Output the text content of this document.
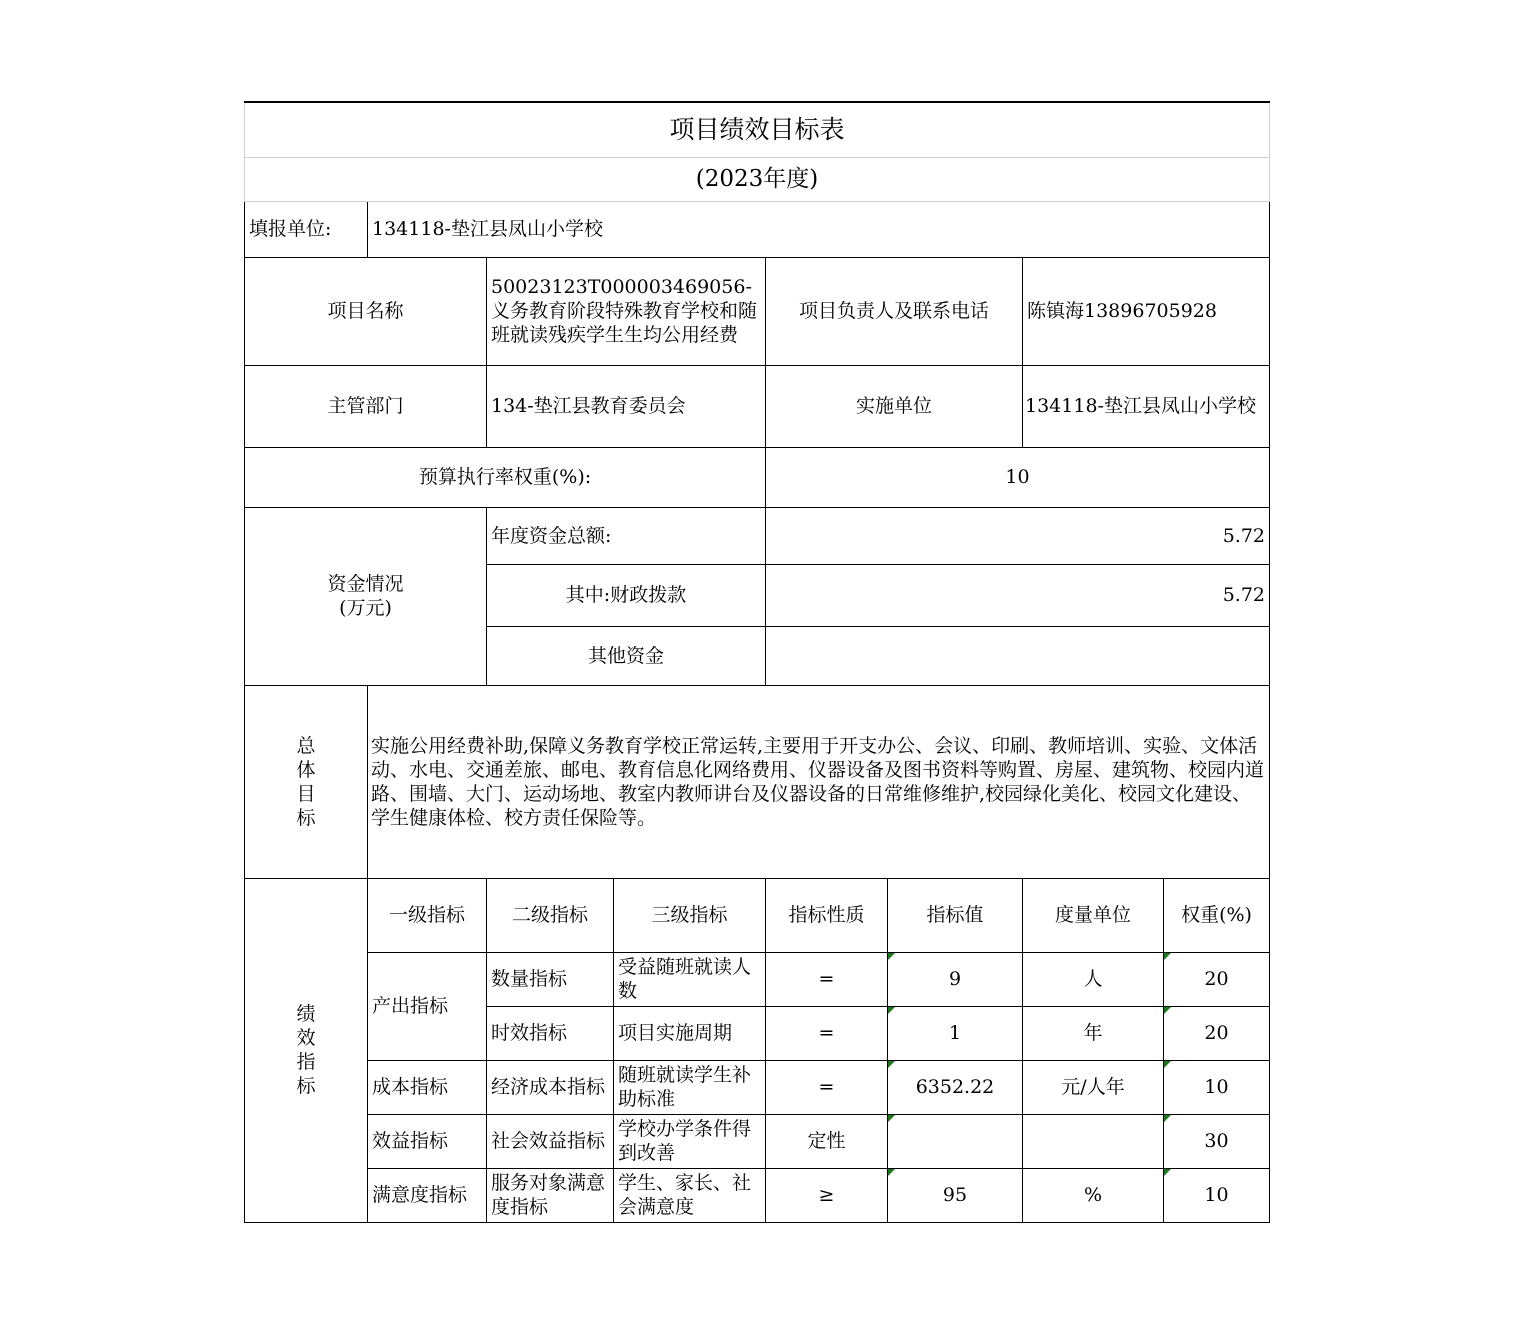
项目绩效目标表							
(2023年度)							
填报单位:	134118-垫江县凤山小学校						
项目名称		50023123T000003469056-义务教育阶段特殊教育学校和随班就读残疾学生生均公用经费		项目负责人及联系电话		陈镇海13896705928	
主管部门		134-垫江县教育委员会		实施单位		134118-垫江县凤山小学校	
预算执行率权重(%):				10			

资金情况
(万元)		年度资金总额:		5.72			
		其中:财政拨款		5.72			
		其他资金					

总
体
目
标	实施公用经费补助,保障义务教育学校正常运转,主要用于开支办公、会议、印刷、教师培训、实验、文体活动、水电、交通差旅、邮电、教育信息化网络费用、仪器设备及图书资料等购置、房屋、建筑物、校园内道路、围墙、大门、运动场地、教室内教师讲台及仪器设备的日常维修维护,校园绿化美化、校园文化建设、学生健康体检、校方责任保险等。						

绩
效
指
标	一级指标	二级指标	三级指标	指标性质	指标值	度量单位	权重(%)
	产出指标	数量指标	受益随班就读人数	=	9	人	20
		时效指标	项目实施周期	=	1	年	20
	成本指标	经济成本指标	随班就读学生补助标准	=	6352.22	元/人年	10
	效益指标	社会效益指标	学校办学条件得到改善	定性			30
	满意度指标	服务对象满意度指标	学生、家长、社会满意度	≥	95	%	10
